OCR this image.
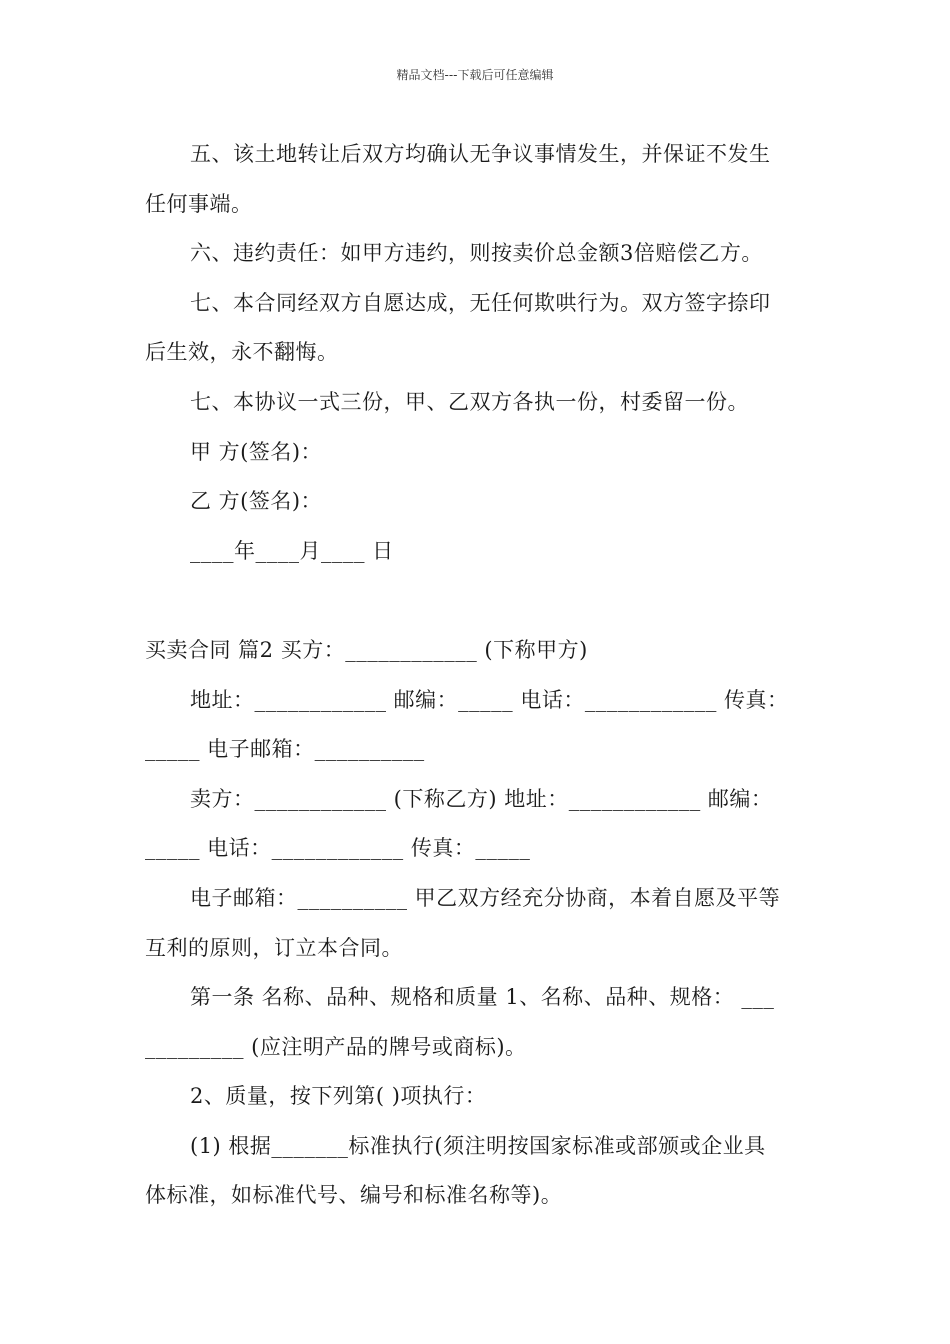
精品文档---下载后可任意编辑

五、该土地转让后双方均确认无争议事情发生，并保证不发生

任何事端。

六、违约责任：如甲方违约，则按卖价总金额3倍赔偿乙方。

七、本合同经双方自愿达成，无任何欺哄行为。双方签字捺印

后生效，永不翻悔。

七、本协议一式三份，甲、乙双方各执一份，村委留一份。

甲 方(签名)：

乙 方(签名)：

____年____月____ 日

买卖合同 篇2 买方：____________ (下称甲方)

地址：____________ 邮编：_____ 电话：____________ 传真：

_____ 电子邮箱：__________

卖方：____________ (下称乙方) 地址：____________ 邮编：

_____ 电话：____________ 传真：_____

电子邮箱：__________ 甲乙双方经充分协商，本着自愿及平等

互利的原则，订立本合同。

第一条 名称、品种、规格和质量 1、名称、品种、规格： ___

_________ (应注明产品的牌号或商标)。

2、质量，按下列第( )项执行：

(1) 根据_______标准执行(须注明按国家标准或部颁或企业具

体标准，如标准代号、编号和标准名称等)。
